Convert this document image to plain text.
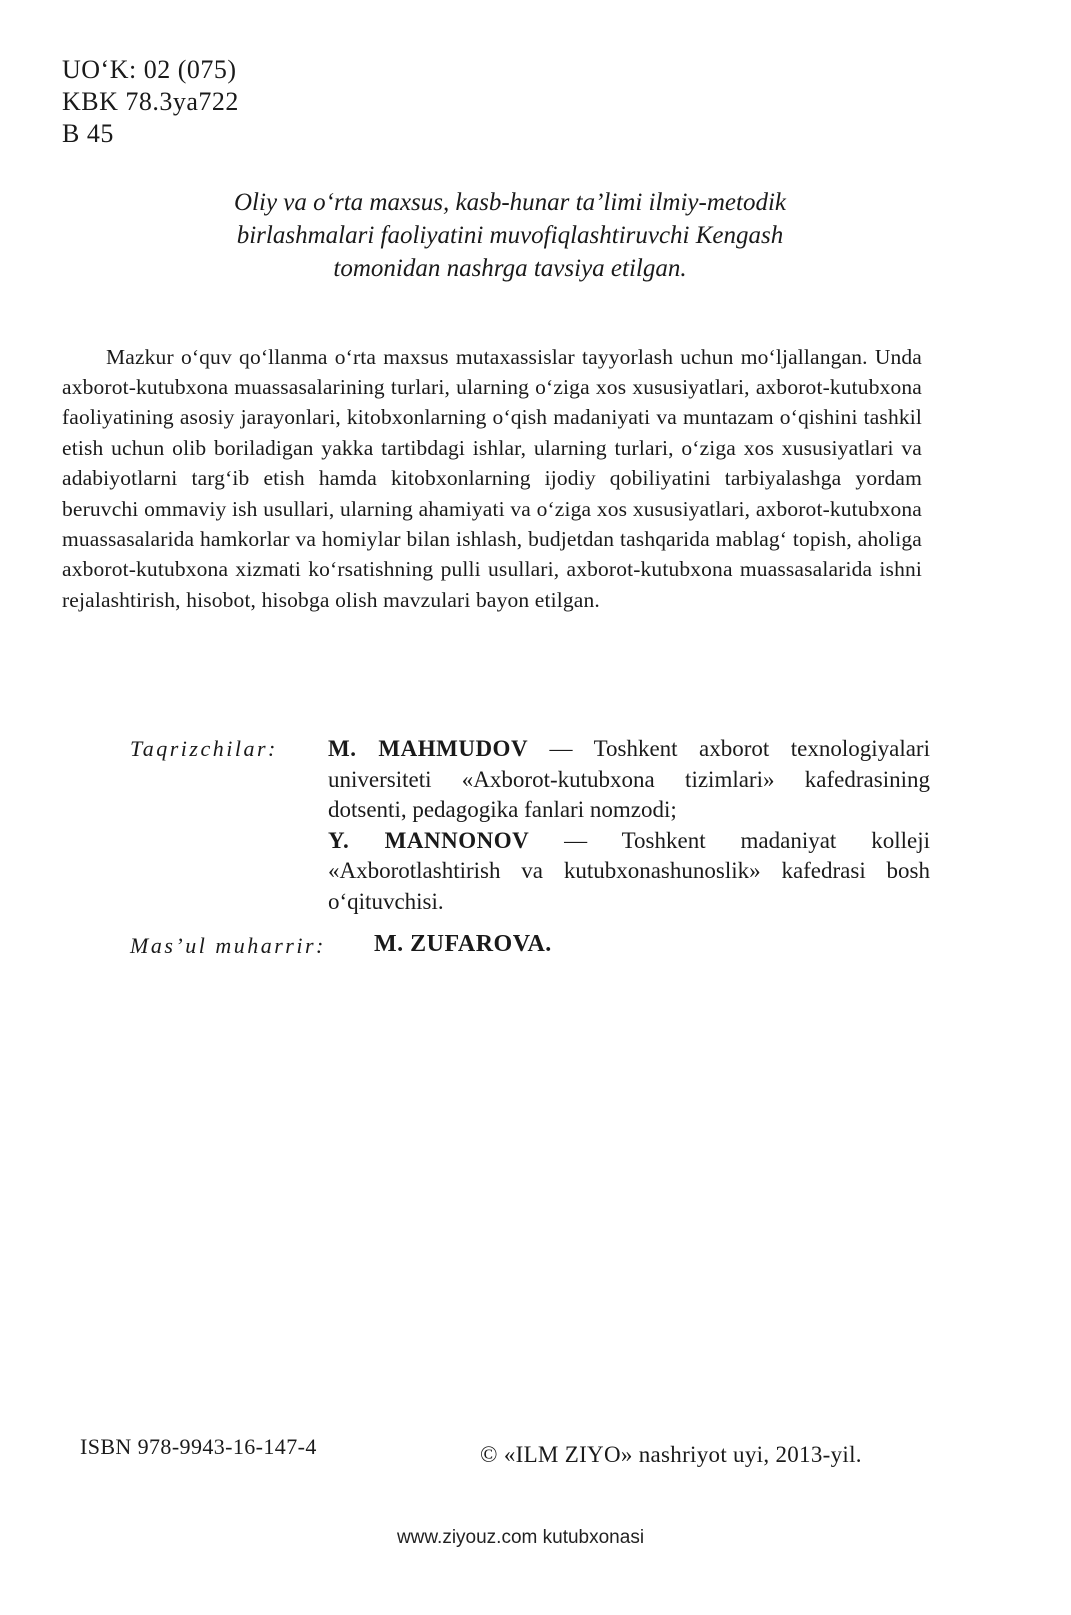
UO‘K: 02 (075)
KBK 78.3ya722
B 45
Oliy va o‘rta maxsus, kasb-hunar ta’limi ilmiy-metodik
birlashmalari faoliyatini muvofiqlashtiruvchi Kengash
tomonidan nashrga tavsiya etilgan.

Mazkur o‘quv qo‘llanma o‘rta maxsus mutaxassislar tayyorlash uchun mo‘ljallangan. Unda axborot-kutubxona muassasalarining turlari, ularning o‘ziga xos xususiyatlari, axborot-kutubxona faoliyatining asosiy jarayonlari, kitobxonlarning o‘qish madaniyati va muntazam o‘qishini tashkil etish uchun olib boriladigan yakka tartibdagi ishlar, ularning turlari, o‘ziga xos xususiyatlari va adabiyotlarni targ‘ib etish hamda kitobxonlarning ijodiy qobiliyatini tarbiyalashga yordam beruvchi ommaviy ish usullari, ularning ahamiyati va o‘ziga xos xususiyatlari, axborot-kutubxona muassasalarida hamkorlar va homiylar bilan ishlash, budjetdan tashqarida mablag‘ topish, aholiga axborot-kutubxona xizmati ko‘rsatishning pulli usullari, axborot-kutubxona muassasalarida ishni rejalashtirish, hisobot, hisobga olish mavzulari bayon etilgan.

Taqrizchilar:	M. MAHMUDOV — Toshkent axborot texnologiyalari universiteti «Axborot-kutubxona tizimlari» kafedrasining dotsenti, pedagogika fanlari nomzodi;

Y. MANNONOV — Toshkent madaniyat kolleji «Axborotlashtirish va kutubxonashunoslik» kafedrasi bosh o‘qituvchisi.

Mas’ul muharrir:	M. ZUFAROVA.
ISBN 978-9943-16-147-4	© «ILM ZIYO» nashriyot uyi, 2013-yil.
www.ziyouz.com kutubxonasi
